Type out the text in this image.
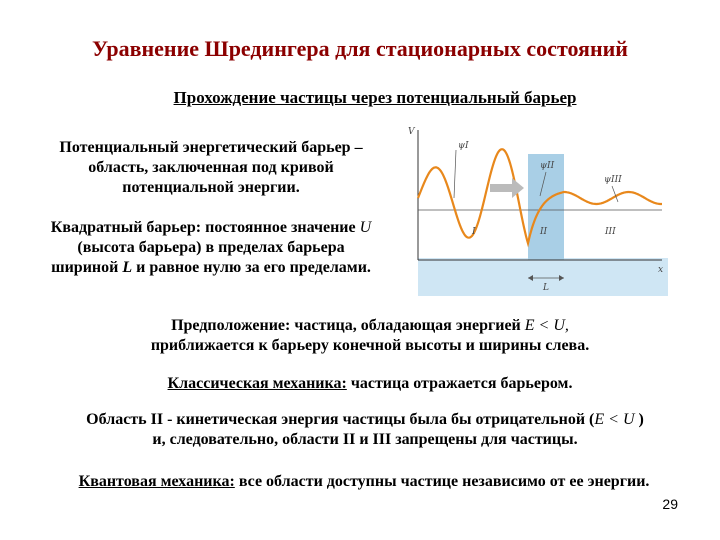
Уравнение Шредингера для стационарных состояний
Прохождение частицы через потенциальный барьер
Потенциальный энергетический барьер –
область, заключенная под кривой
потенциальной энергии.
Квадратный барьер: постоянное значение U
(высота барьера) в пределах барьера
шириной L и равное нулю за его пределами.
V
x
ψI
ψII
ψIII
I	II	III
L
Предположение: частица, обладающая энергией E < U,
приближается к барьеру конечной высоты и ширины слева.
Классическая механика: частица отражается барьером.
Область II - кинетическая энергия частицы была бы отрицательной (E < U )
и, следовательно, области II и III запрещены для частицы.
Квантовая механика: все области доступны частице независимо от ее энергии.
29
